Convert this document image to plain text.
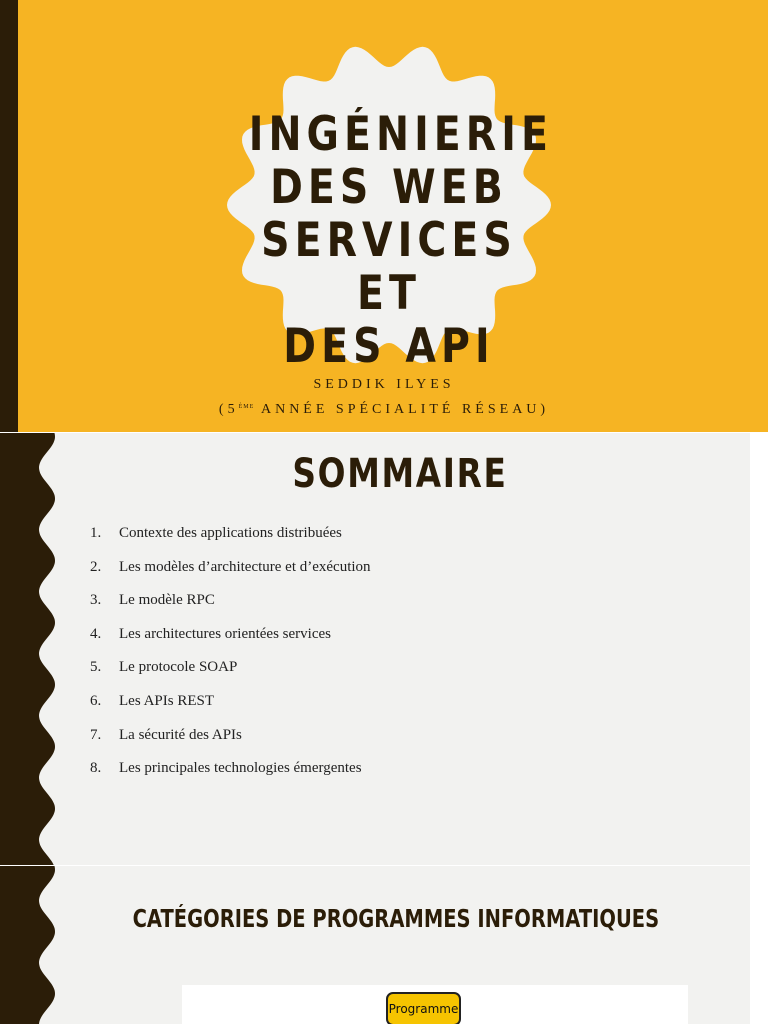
INGÉNIERIE
DES WEB
SERVICES ET
DES API

SEDDIK ILYES

(5ème ANNÉE SPÉCIALITÉ RÉSEAU)

SOMMAIRE
1.	Contexte des applications distribuées
2.	Les modèles d’architecture et d’exécution
3.	Le modèle RPC
4.	Les architectures orientées services
5.	Le protocole SOAP
6.	Les APIs REST
7.	La sécurité des APIs
8.	Les principales technologies émergentes
CATÉGORIES DE PROGRAMMES INFORMATIQUES
Programme
